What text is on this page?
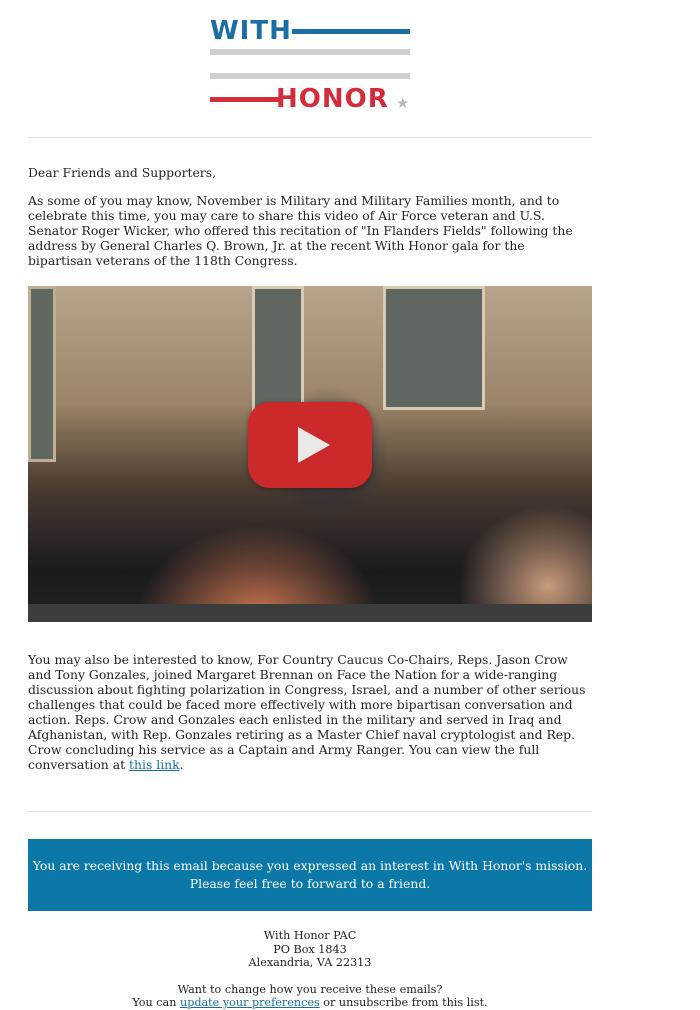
WITH
HONOR ★

Dear Friends and Supporters,

As some of you may know, November is Military and Military Families month, and to celebrate this time, you may care to share this video of Air Force veteran and U.S. Senator Roger Wicker, who offered this recitation of "In Flanders Fields" following the address by General Charles Q. Brown, Jr. at the recent With Honor gala for the bipartisan veterans of the 118th Congress.

You may also be interested to know, For Country Caucus Co-Chairs, Reps. Jason Crow and Tony Gonzales, joined Margaret Brennan on Face the Nation for a wide-ranging discussion about fighting polarization in Congress, Israel, and a number of other serious challenges that could be faced more effectively with more bipartisan conversation and action. Reps. Crow and Gonzales each enlisted in the military and served in Iraq and Afghanistan, with Rep. Gonzales retiring as a Master Chief naval cryptologist and Rep. Crow concluding his service as a Captain and Army Ranger. You can view the full conversation at this link.

You are receiving this email because you expressed an interest in With Honor's mission.
Please feel free to forward to a friend.
With Honor PAC
PO Box 1843
Alexandria, VA 22313
Want to change how you receive these emails?
You can update your preferences or unsubscribe from this list.
